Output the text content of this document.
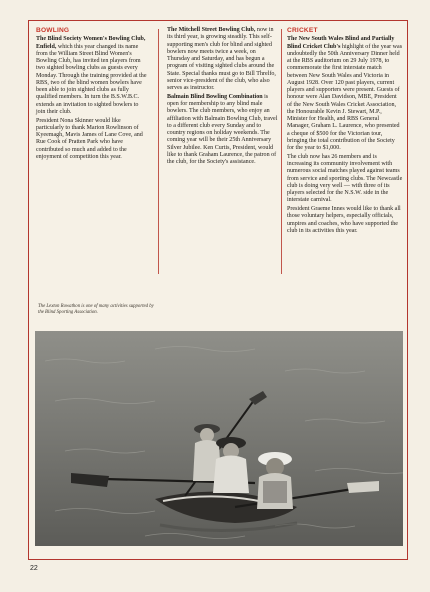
BOWLING

The Blind Society Women's Bowling Club, Enfield, which this year changed its name from the William Street Blind Women's Bowling Club, has invited ten players from two sighted bowling clubs as guests every Monday. Through the training provided at the RBS, two of the blind women bowlers have been able to join sighted clubs as fully qualified members. In turn the B.S.W.B.C. extends an invitation to sighted bowlers to join their club.

President Nona Skinner would like particularly to thank Marion Rowlinson of Kyeemagh, Mavis James of Lane Cove, and Rue Cook of Pratten Park who have contributed so much and added to the enjoyment of competition this year.

The Mitchell Street Bowling Club, now in its third year, is growing steadily. This self-supporting men's club for blind and sighted bowlers now meets twice a week, on Thursday and Saturday, and has begun a program of visiting sighted clubs around the State. Special thanks must go to Bill Threlfo, senior vice-president of the club, who also serves as instructor.

Balmain Blind Bowling Combination is open for membership to any blind male bowlers. The club members, who enjoy an affiliation with Balmain Bowling Club, travel to a different club every Sunday and to country regions on holiday weekends. The coming year will be their 25th Anniversary Silver Jubilee. Ken Curtis, President, would like to thank Graham Laurence, the patron of the club, for the Society's assistance.

CRICKET

The New South Wales Blind and Partially Blind Cricket Club's highlight of the year was undoubtedly the 50th Anniversary Dinner held at the RBS auditorium on 29 July 1978, to commemorate the first interstate match between New South Wales and Victoria in August 1928. Over 120 past players, current players and supporters were present. Guests of honour were Alan Davidson, MBE, President of the New South Wales Cricket Association, the Honourable Kevin J. Stewart, M.P., Minister for Health, and RBS General Manager, Graham L. Laurence, who presented a cheque of $500 for the Victorian tour, bringing the total contribution of the Society for the year to $1,000.

The club now has 26 members and is increasing its community involvement with numerous social matches played against teams from service and sporting clubs. The Newcastle club is doing very well — with three of its players selected for the N.S.W. side in the interstate carnival.

President Graeme Innes would like to thank all those voluntary helpers, especially officials, umpires and coaches, who have supported the club in its activities this year.

The Lexton Rowathon is one of many activities supported by the Blind Sporting Association.
22
